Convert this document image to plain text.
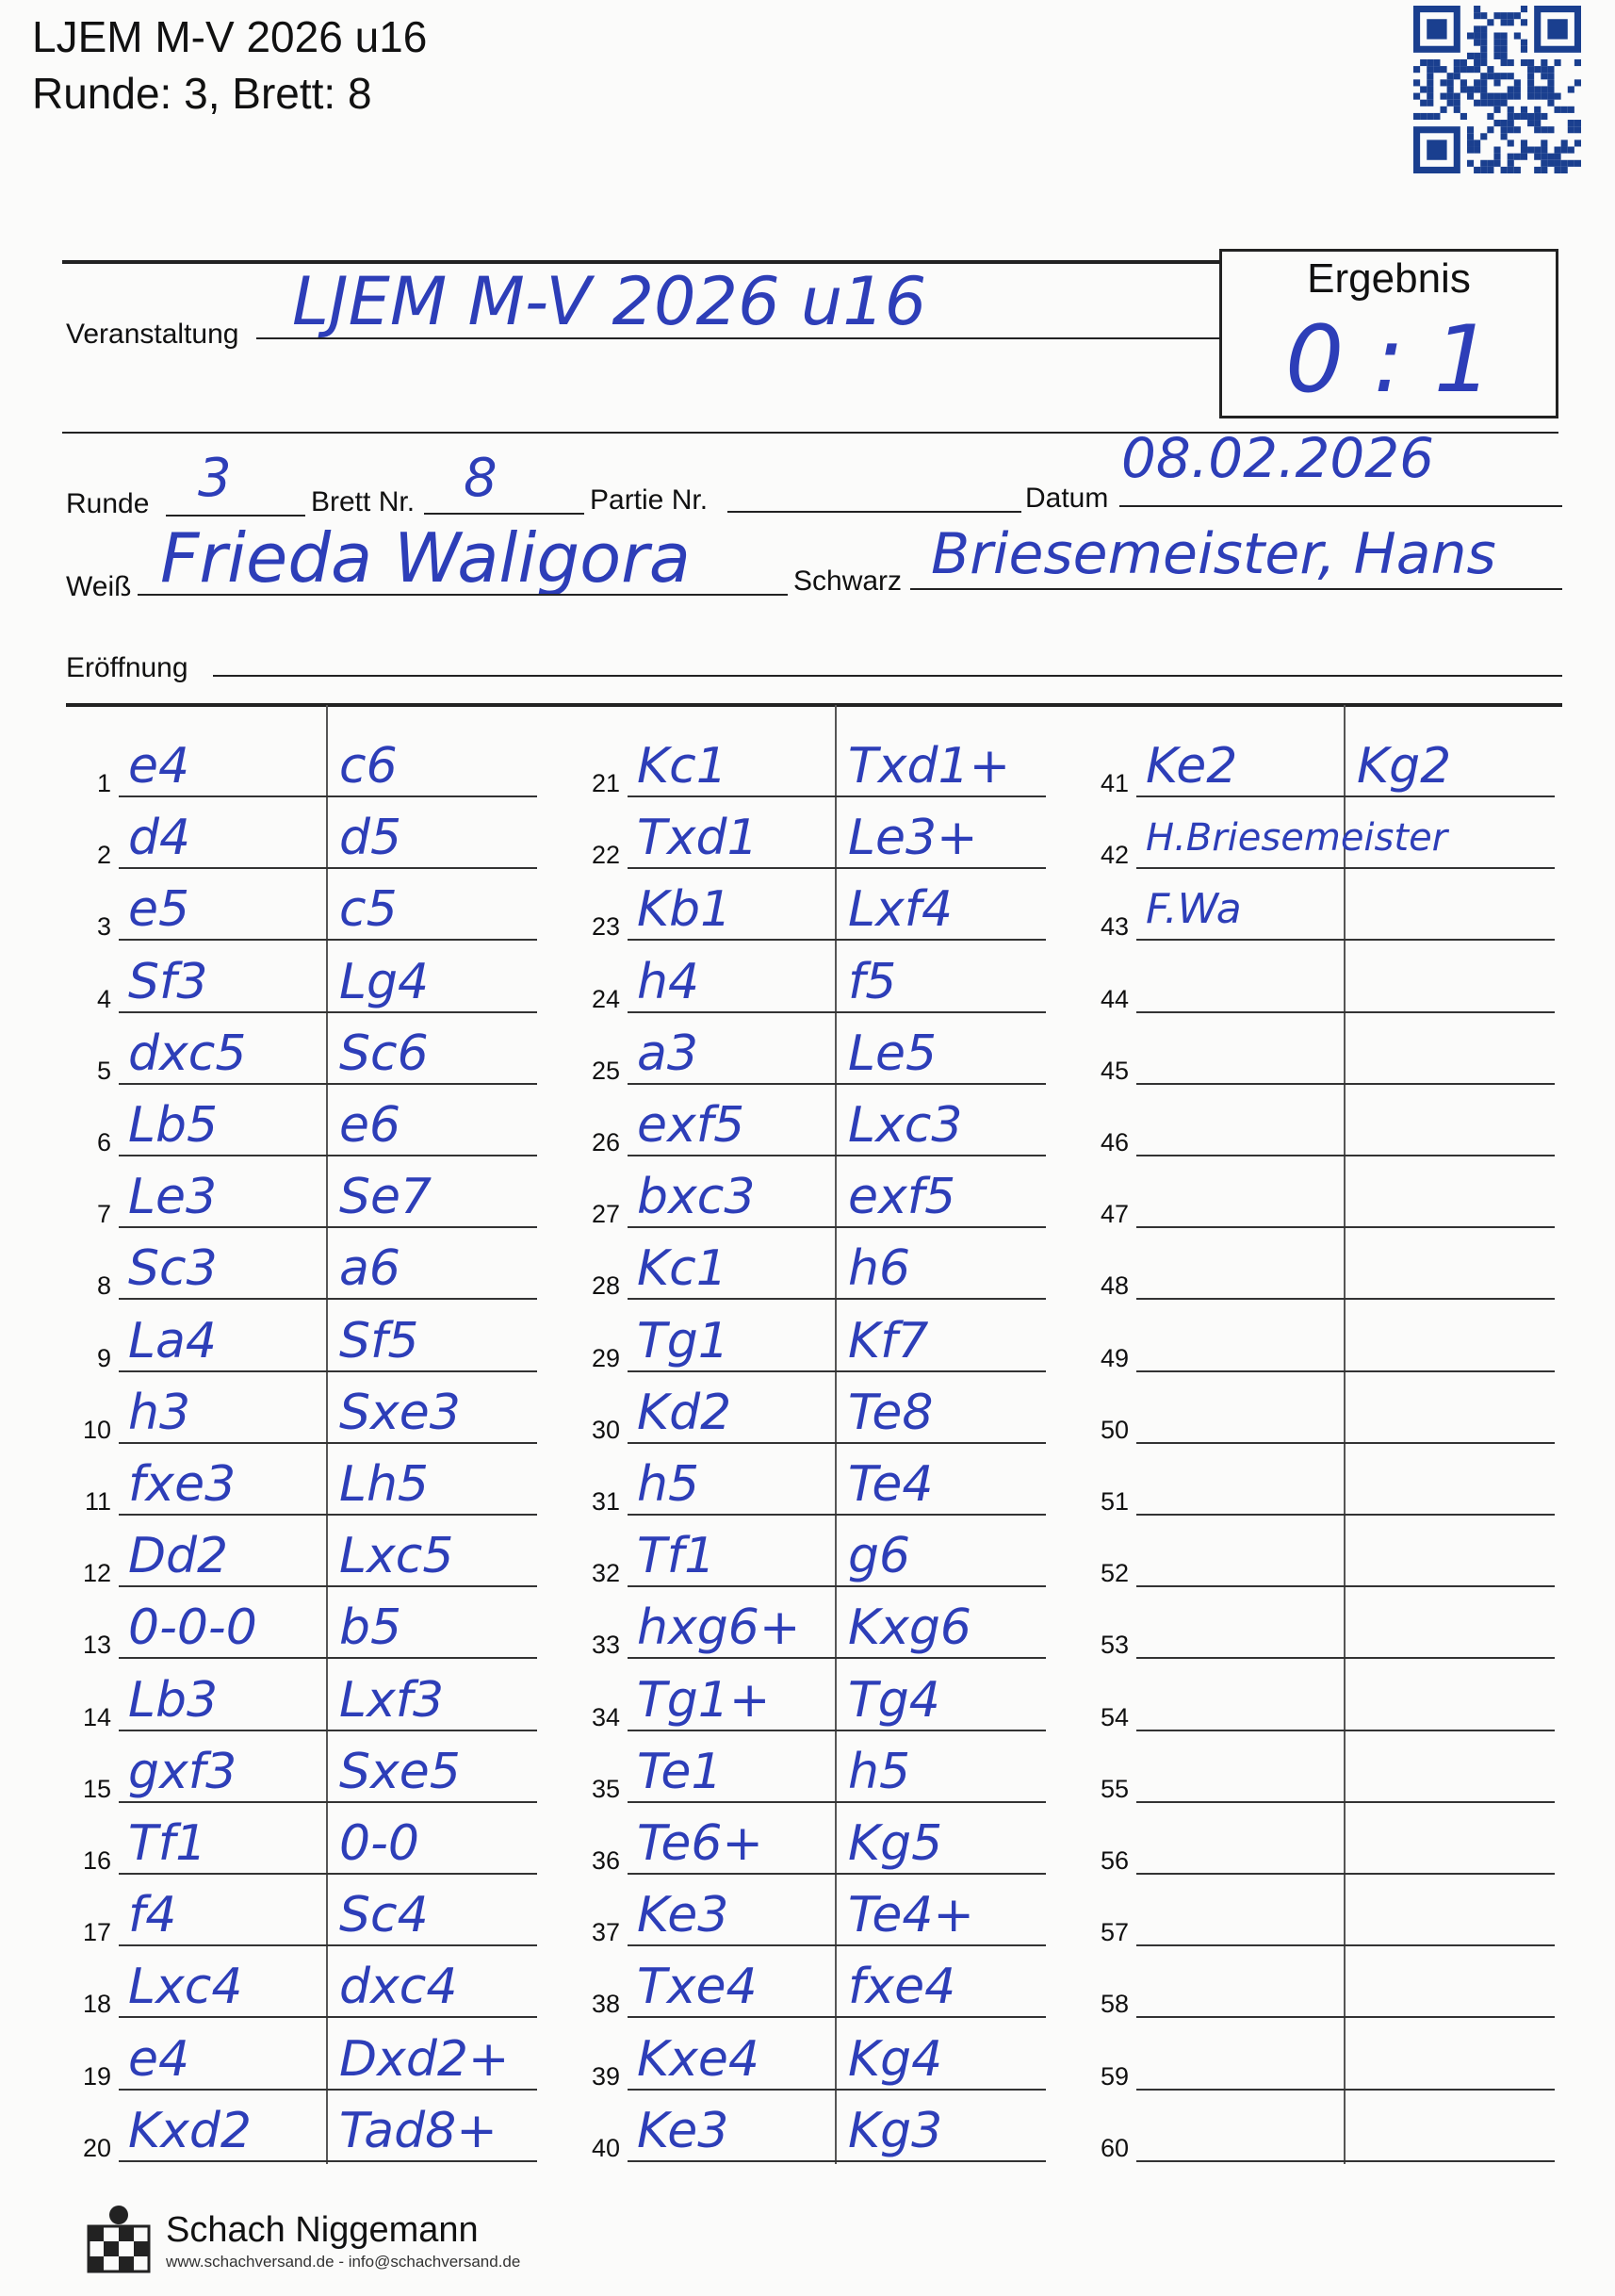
LJEM M-V 2026 u16
Runde: 3, Brett: 8
Veranstaltung LJEM M-V 2026 u16	Ergebnis
0 : 1
Runde 3	Brett Nr. 8	Partie Nr.	Datum
08.02.2026
Weiß Frieda Waligora	Schwarz Briesemeister, Hans
Eröffnung
1 e4	c6
2 d4	d5
3 e5	c5
4 Sf3	Lg4
5 dxc5 Sc6
6 Lb5 e6
7 Le3 Se7
8 Sc3 a6
9 La4	Sf5
10 h3	Sxe3
11 fxe3 Lh5
12 Dd2 Lxc5
13 0-0-0 b5
14 Lb3 Lxf3
15 gxf3 Sxe5
16 Tf1	0-0
17 f4	Sc4
18 Lxc4 dxc4
19 e4	Dxd2+
20 Kxd2 Tad8+
21 Kc1 Txd1+
22 Txd1 Le3+
23 Kb1 Lxf4
24 h4	f5
25 a3	Le5
26 exf5 Lxc3
27 bxc3 exf5
28 Kc1 h6
29 Tg1 Kf7
30 Kd2 Te8
31 h5	Te4
32 Tf1	g6
33 hxg6+ Kxg6
34 Tg1+ Tg4
35 Te1	h5
36 Te6+ Kg5
37 Ke3 Te4+
38 Txe4 fxe4
39 Kxe4 Kg4
40 Ke3 Kg3
41 Ke2 Kg2
42 H.Briesemeister
43 F.Wa
44
45
46
47
48
49
50
51
52
53
54
55
56
57
58
59
60
Schach Niggemann
www.schachversand.de - info@schachversand.de
